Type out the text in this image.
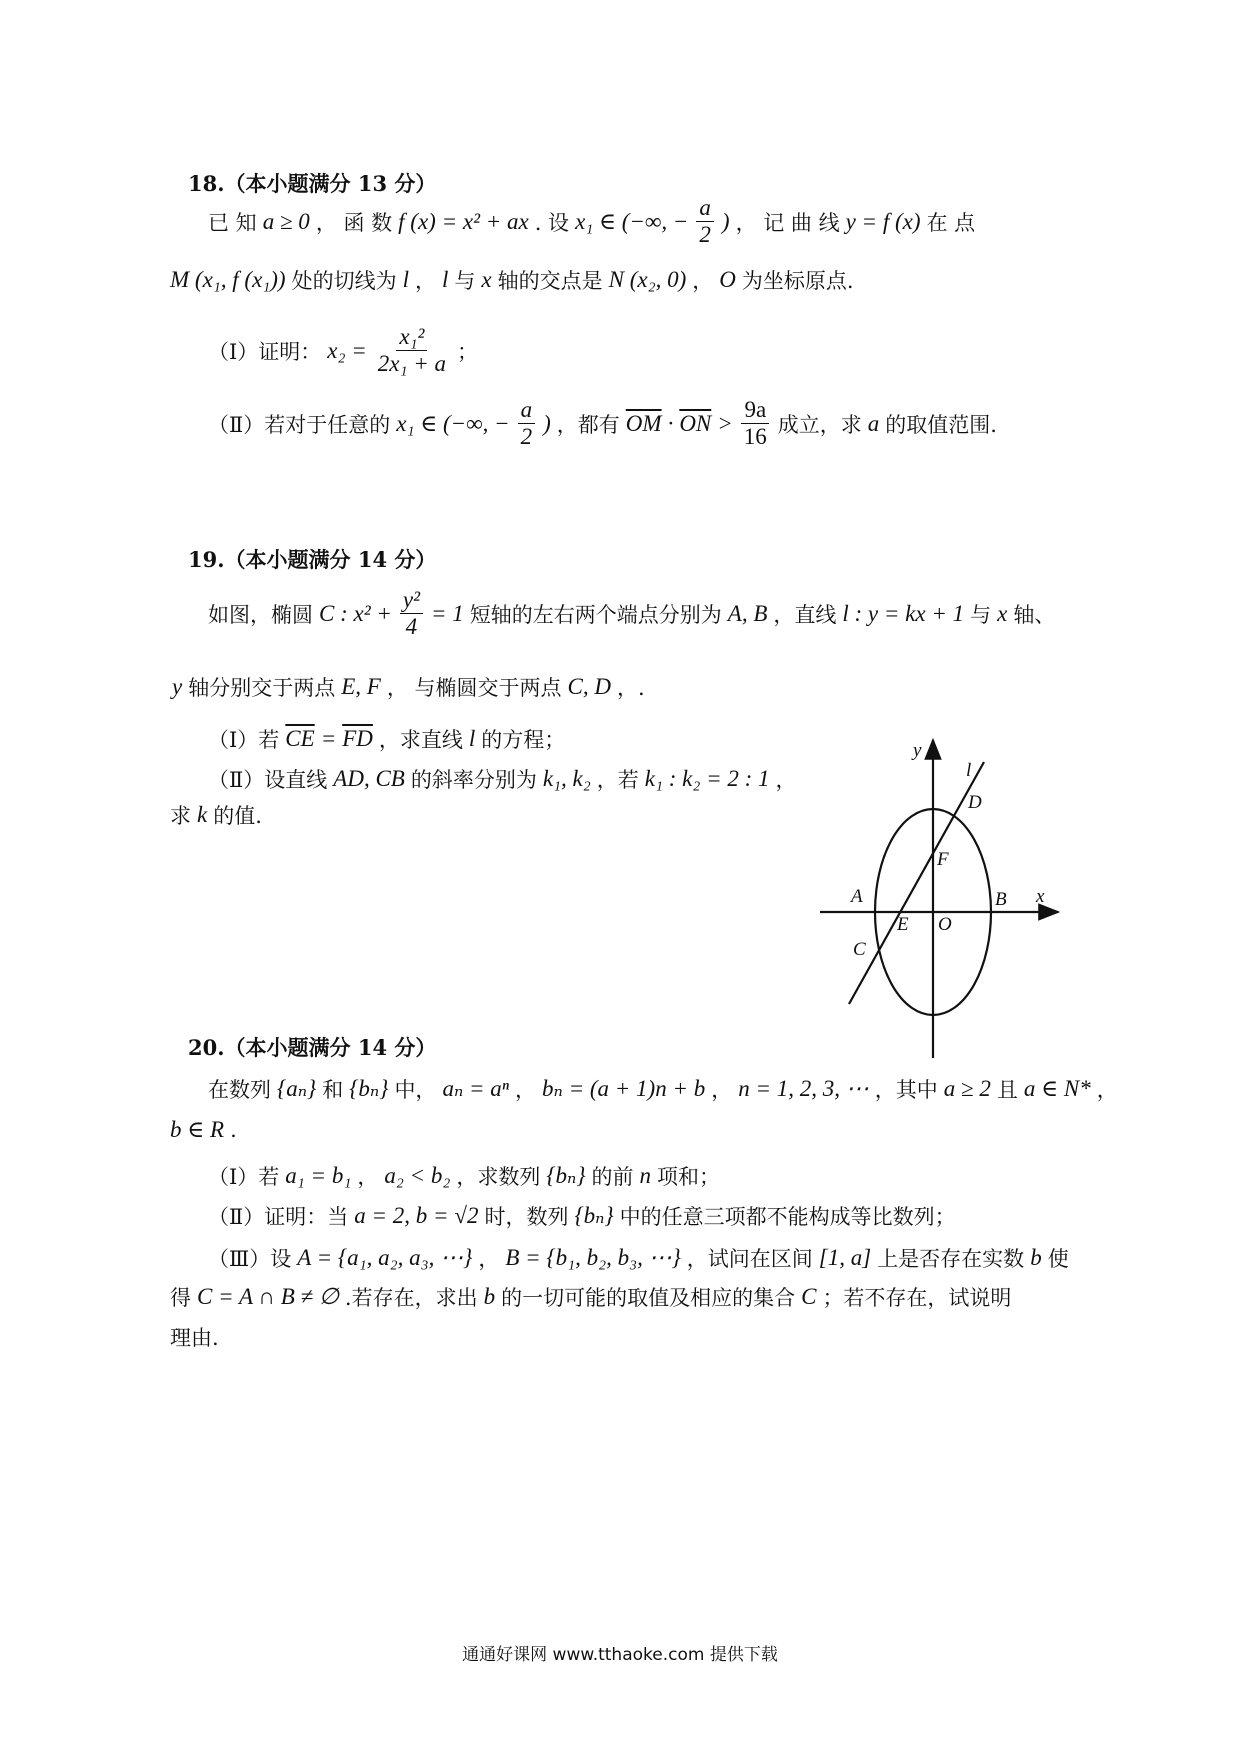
18.（本小题满分 13 分）
已 知 a ≥ 0 ， 函 数 f (x) = x² + ax . 设 x₁ ∈ (−∞, − $\frac{a}{2}$ ) ， 记 曲 线 y = f (x) 在 点
M (x₁, f (x₁)) 处的切线为 l ， l 与 x 轴的交点是 N (x₂, 0) ， O 为坐标原点.
（Ⅰ）证明： $x_2 = \frac{\text{x₁²}}{\text{2x₁ + a}}$ ；
（Ⅱ）若对于任意的 x₁ ∈ (−∞, − $\frac{a}{2}$ ) ，都有 $\overline{OM} \cdot \overline{ON} > \frac{9a}{16}$ 成立，求 a 的取值范围.
19.（本小题满分 14 分）
如图，椭圆 C : $x^2 + \frac{\text{y²}}{4} = 1$ 短轴的左右两个端点分别为 A, B ，直线 l : y = kx + 1 与 x 轴、
y 轴分别交于两点 E, F ， 与椭圆交于两点 C, D ，.
（Ⅰ）若 $\overline{CE} = \overline{FD}$ ，求直线 l 的方程；
（Ⅱ）设直线 AD, CB 的斜率分别为 k₁, k₂ ，若 k₁ : k₂ = 2 : 1 ，
求 k 的值.
x
y
l
A	B
C
D
E
F
O
20.（本小题满分 14 分）
在数列 {aₙ} 和 {bₙ} 中， aₙ = aⁿ ， bₙ = (a + 1)n + b ， n = 1, 2, 3, ⋯ ，其中 a ≥ 2 且 a ∈ N* ，
b ∈ R .
（Ⅰ）若 a₁ = b₁ ， a₂ < b₂ ，求数列 {bₙ} 的前 n 项和；
（Ⅱ）证明：当 a = 2, b = √2 时，数列 {bₙ} 中的任意三项都不能构成等比数列；
（Ⅲ）设 A = {a₁, a₂, a₃, ⋯} ， B = {b₁, b₂, b₃, ⋯} ，试问在区间 [1, a] 上是否存在实数 b 使
得 C = A ∩ B ≠ ∅ .若存在，求出 b 的一切可能的取值及相应的集合 C ；若不存在，试说明
理由.
通通好课网 www.tthaoke.com 提供下载
